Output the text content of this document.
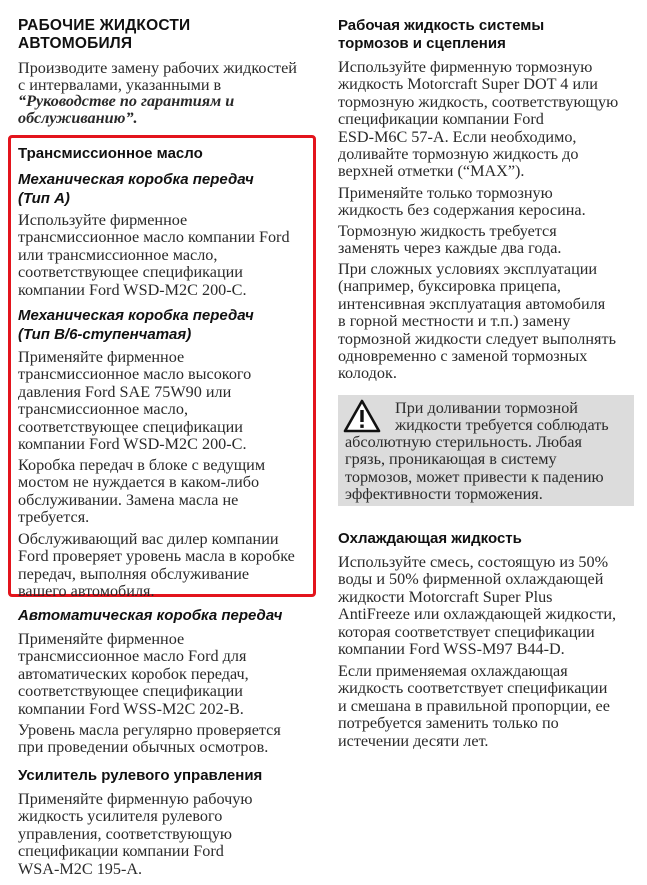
РАБОЧИЕ ЖИДКОСТИ
АВТОМОБИЛЯ

Производите замену рабочих жидкостей
с интервалами, указанными в

“Руководстве по гарантиям и
обслуживанию”.

Трансмиссионное масло
Механическая коробка передач
(Тип А)

Используйте фирменное
трансмиссионное масло компании Ford
или трансмиссионное масло,
соответствующее спецификации
компании Ford WSD-M2C 200-C.

Механическая коробка передач
(Тип В/6-ступенчатая)

Применяйте фирменное
трансмиссионное масло высокого
давления Ford SAE 75W90 или
трансмиссионное масло,
соответствующее спецификации
компании Ford WSD-M2C 200-C.

Коробка передач в блоке с ведущим
мостом не нуждается в каком-либо
обслуживании. Замена масла не
требуется.

Обслуживающий вас дилер компании
Ford проверяет уровень масла в коробке
передач, выполняя обслуживание
вашего автомобиля.

Автоматическая коробка передач

Применяйте фирменное
трансмиссионное масло Ford для
автоматических коробок передач,
соответствующее спецификации
компании Ford WSS-M2C 202-B.

Уровень масла регулярно проверяется
при проведении обычных осмотров.

Усилитель рулевого управления

Применяйте фирменную рабочую
жидкость усилителя рулевого
управления, соответствующую
спецификации компании Ford
WSA-M2C 195-A.

Рабочая жидкость системы
тормозов и сцепления

Используйте фирменную тормозную
жидкость Motorcraft Super DOT 4 или
тормозную жидкость, соответствующую
спецификации компании Ford
ESD-M6C 57-A. Если необходимо,
доливайте тормозную жидкость до
верхней отметки (“MAX”).

Применяйте только тормозную
жидкость без содержания керосина.

Тормозную жидкость требуется
заменять через каждые два года.

При сложных условиях эксплуатации
(например, буксировка прицепа,
интенсивная эксплуатация автомобиля
в горной местности и т.п.) замену
тормозной жидкости следует выполнять
одновременно с заменой тормозных
колодок.

При доливании тормозной

жидкости требуется соблюдать

абсолютную стерильность. Любая
грязь, проникающая в систему
тормозов, может привести к падению
эффективности торможения.

Охлаждающая жидкость

Используйте смесь, состоящую из 50%
воды и 50% фирменной охлаждающей
жидкости Motorcraft Super Plus
AntiFreeze или охлаждающей жидкости,
которая соответствует спецификации
компании Ford WSS-M97 B44-D.

Если применяемая охлаждающая
жидкость соответствует спецификации
и смешана в правильной пропорции, ее
потребуется заменить только по
истечении десяти лет.
